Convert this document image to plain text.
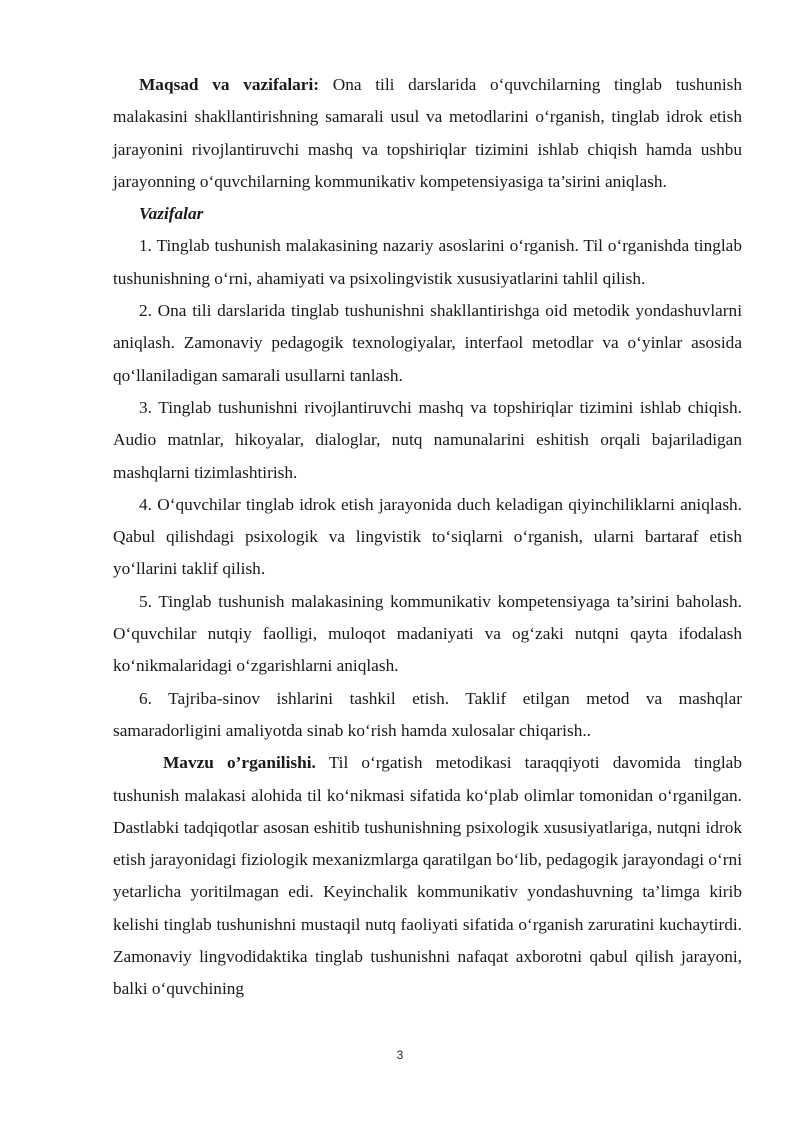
Maqsad va vazifalari: Ona tili darslarida o‘quvchilarning tinglab tushunish malakasini shakllantirishning samarali usul va metodlarini o‘rganish, tinglab idrok etish jarayonini rivojlantiruvchi mashq va topshiriqlar tizimini ishlab chiqish hamda ushbu jarayonning o‘quvchilarning kommunikativ kompetensiyasiga ta’sirini aniqlash.

Vazifalar

1. Tinglab tushunish malakasining nazariy asoslarini o‘rganish. Til o‘rganishda tinglab tushunishning o‘rni, ahamiyati va psixolingvistik xususiyatlarini tahlil qilish.

2. Ona tili darslarida tinglab tushunishni shakllantirishga oid metodik yondashuvlarni aniqlash. Zamonaviy pedagogik texnologiyalar, interfaol metodlar va o‘yinlar asosida qo‘llaniladigan samarali usullarni tanlash.

3. Tinglab tushunishni rivojlantiruvchi mashq va topshiriqlar tizimini ishlab chiqish. Audio matnlar, hikoyalar, dialoglar, nutq namunalarini eshitish orqali bajariladigan mashqlarni tizimlashtirish.

4. O‘quvchilar tinglab idrok etish jarayonida duch keladigan qiyinchiliklarni aniqlash. Qabul qilishdagi psixologik va lingvistik to‘siqlarni o‘rganish, ularni bartaraf etish yo‘llarini taklif qilish.

5. Tinglab tushunish malakasining kommunikativ kompetensiyaga ta’sirini baholash. O‘quvchilar nutqiy faolligi, muloqot madaniyati va og‘zaki nutqni qayta ifodalash ko‘nikmalaridagi o‘zgarishlarni aniqlash.

6. Tajriba-sinov ishlarini tashkil etish. Taklif etilgan metod va mashqlar samaradorligini amaliyotda sinab ko‘rish hamda xulosalar chiqarish..

Mavzu o’rganilishi. Til o‘rgatish metodikasi taraqqiyoti davomida tinglab tushunish malakasi alohida til ko‘nikmasi sifatida ko‘plab olimlar tomonidan o‘rganilgan. Dastlabki tadqiqotlar asosan eshitib tushunishning psixologik xususiyatlariga, nutqni idrok etish jarayonidagi fiziologik mexanizmlarga qaratilgan bo‘lib, pedagogik jarayondagi o‘rni yetarlicha yoritilmagan edi. Keyinchalik kommunikativ yondashuvning ta’limga kirib kelishi tinglab tushunishni mustaqil nutq faoliyati sifatida o‘rganish zaruratini kuchaytirdi. Zamonaviy lingvodidaktika tinglab tushunishni nafaqat axborotni qabul qilish jarayoni, balki o‘quvchining

3
